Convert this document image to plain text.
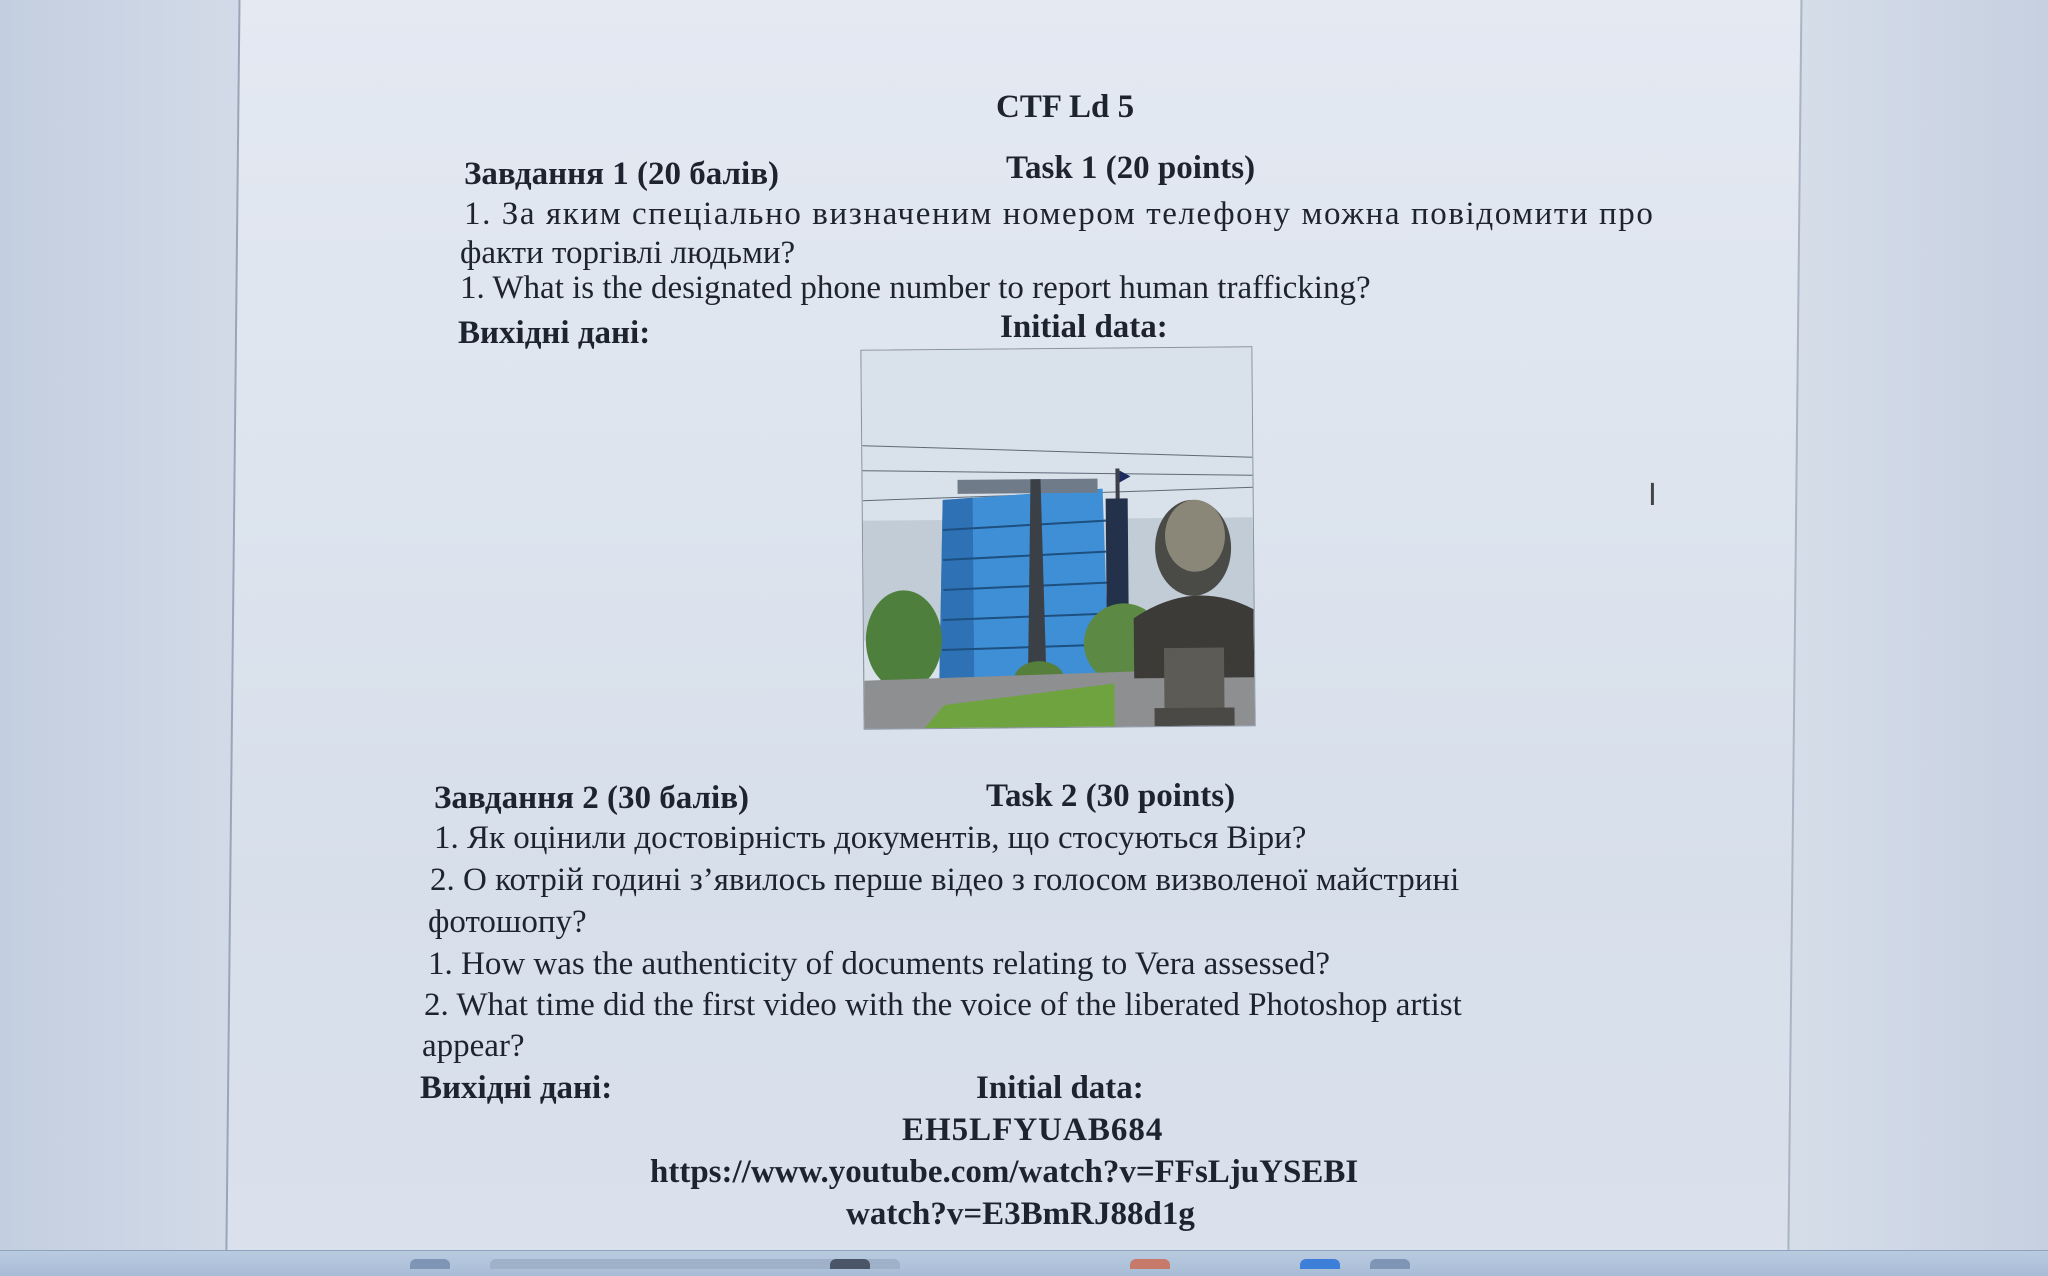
CTF Ld 5
Завдання 1 (20 балів)	Task 1 (20 points)
1. За яким спеціально визначеним номером телефону можна повідомити про
факти торгівлі людьми?
1. What is the designated phone number to report human trafficking?
Вихідні дані:	Initial data:
Ι
Завдання 2 (30 балів)	Task 2 (30 points)
1. Як оцінили достовірність документів, що стосуються Віри?
2. О котрій годині з’явилось перше відео з голосом визволеної майстрині
фотошопу?
1. How was the authenticity of documents relating to Vera assessed?
2. What time did the first video with the voice of the liberated Photoshop artist
appear?
Вихідні дані:	Initial data:
EH5LFYUAB684
https://www.youtube.com/watch?v=FFsLjuYSEBI
watch?v=E3BmRJ88d1g
